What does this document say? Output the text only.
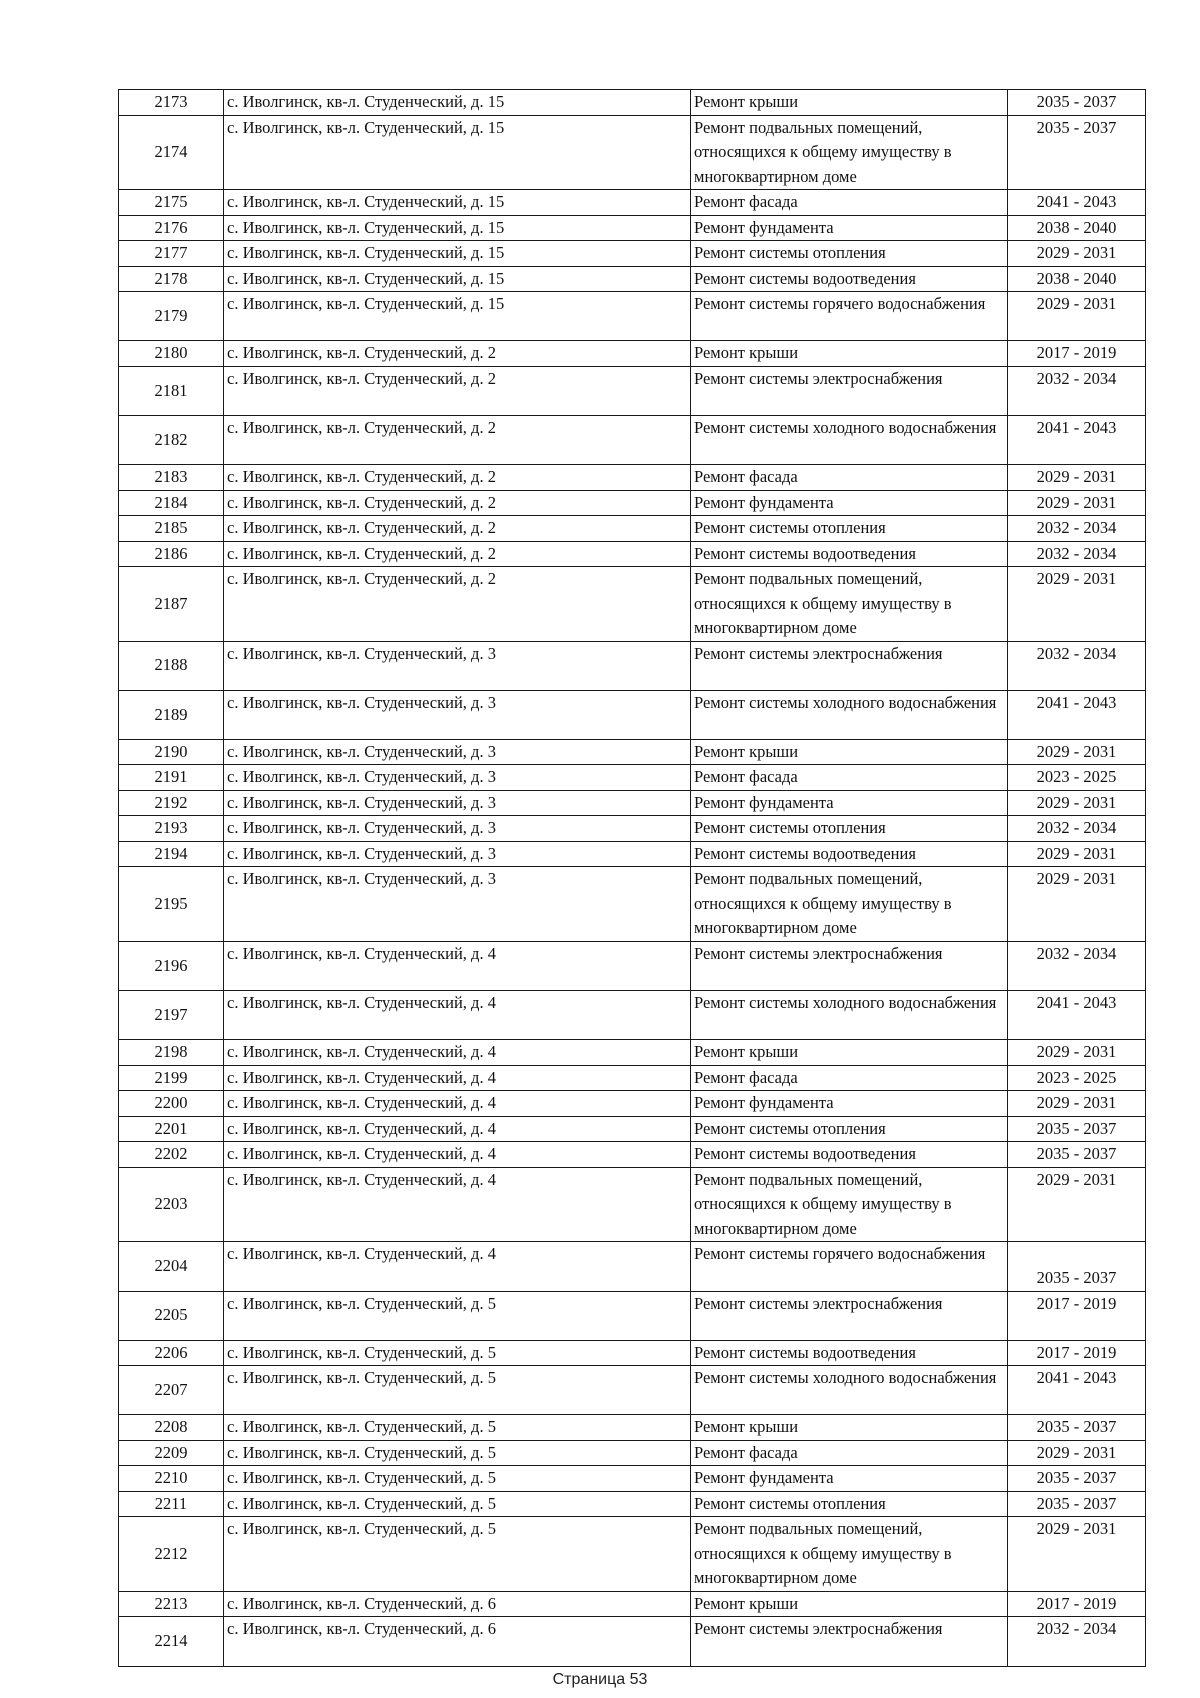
2173	с. Иволгинск, кв-л. Студенческий, д. 15	Ремонт крыши	2035 - 2037
2174	с. Иволгинск, кв-л. Студенческий, д. 15	Ремонт подвальных помещений, относящихся к общему имуществу в многоквартирном доме	2035 - 2037
2175	с. Иволгинск, кв-л. Студенческий, д. 15	Ремонт фасада	2041 - 2043
2176	с. Иволгинск, кв-л. Студенческий, д. 15	Ремонт фундамента	2038 - 2040
2177	с. Иволгинск, кв-л. Студенческий, д. 15	Ремонт системы отопления	2029 - 2031
2178	с. Иволгинск, кв-л. Студенческий, д. 15	Ремонт системы водоотведения	2038 - 2040
2179	с. Иволгинск, кв-л. Студенческий, д. 15	Ремонт системы горячего водоснабжения	2029 - 2031
2180	с. Иволгинск, кв-л. Студенческий, д. 2	Ремонт крыши	2017 - 2019
2181	с. Иволгинск, кв-л. Студенческий, д. 2	Ремонт системы электроснабжения	2032 - 2034
2182	с. Иволгинск, кв-л. Студенческий, д. 2	Ремонт системы холодного водоснабжения	2041 - 2043
2183	с. Иволгинск, кв-л. Студенческий, д. 2	Ремонт фасада	2029 - 2031
2184	с. Иволгинск, кв-л. Студенческий, д. 2	Ремонт фундамента	2029 - 2031
2185	с. Иволгинск, кв-л. Студенческий, д. 2	Ремонт системы отопления	2032 - 2034
2186	с. Иволгинск, кв-л. Студенческий, д. 2	Ремонт системы водоотведения	2032 - 2034
2187	с. Иволгинск, кв-л. Студенческий, д. 2	Ремонт подвальных помещений, относящихся к общему имуществу в многоквартирном доме	2029 - 2031
2188	с. Иволгинск, кв-л. Студенческий, д. 3	Ремонт системы электроснабжения	2032 - 2034
2189	с. Иволгинск, кв-л. Студенческий, д. 3	Ремонт системы холодного водоснабжения	2041 - 2043
2190	с. Иволгинск, кв-л. Студенческий, д. 3	Ремонт крыши	2029 - 2031
2191	с. Иволгинск, кв-л. Студенческий, д. 3	Ремонт фасада	2023 - 2025
2192	с. Иволгинск, кв-л. Студенческий, д. 3	Ремонт фундамента	2029 - 2031
2193	с. Иволгинск, кв-л. Студенческий, д. 3	Ремонт системы отопления	2032 - 2034
2194	с. Иволгинск, кв-л. Студенческий, д. 3	Ремонт системы водоотведения	2029 - 2031
2195	с. Иволгинск, кв-л. Студенческий, д. 3	Ремонт подвальных помещений, относящихся к общему имуществу в многоквартирном доме	2029 - 2031
2196	с. Иволгинск, кв-л. Студенческий, д. 4	Ремонт системы электроснабжения	2032 - 2034
2197	с. Иволгинск, кв-л. Студенческий, д. 4	Ремонт системы холодного водоснабжения	2041 - 2043
2198	с. Иволгинск, кв-л. Студенческий, д. 4	Ремонт крыши	2029 - 2031
2199	с. Иволгинск, кв-л. Студенческий, д. 4	Ремонт фасада	2023 - 2025
2200	с. Иволгинск, кв-л. Студенческий, д. 4	Ремонт фундамента	2029 - 2031
2201	с. Иволгинск, кв-л. Студенческий, д. 4	Ремонт системы отопления	2035 - 2037
2202	с. Иволгинск, кв-л. Студенческий, д. 4	Ремонт системы водоотведения	2035 - 2037
2203	с. Иволгинск, кв-л. Студенческий, д. 4	Ремонт подвальных помещений, относящихся к общему имуществу в многоквартирном доме	2029 - 2031
2204	с. Иволгинск, кв-л. Студенческий, д. 4	Ремонт системы горячего водоснабжения	2035 - 2037
2205	с. Иволгинск, кв-л. Студенческий, д. 5	Ремонт системы электроснабжения	2017 - 2019
2206	с. Иволгинск, кв-л. Студенческий, д. 5	Ремонт системы водоотведения	2017 - 2019
2207	с. Иволгинск, кв-л. Студенческий, д. 5	Ремонт системы холодного водоснабжения	2041 - 2043
2208	с. Иволгинск, кв-л. Студенческий, д. 5	Ремонт крыши	2035 - 2037
2209	с. Иволгинск, кв-л. Студенческий, д. 5	Ремонт фасада	2029 - 2031
2210	с. Иволгинск, кв-л. Студенческий, д. 5	Ремонт фундамента	2035 - 2037
2211	с. Иволгинск, кв-л. Студенческий, д. 5	Ремонт системы отопления	2035 - 2037
2212	с. Иволгинск, кв-л. Студенческий, д. 5	Ремонт подвальных помещений, относящихся к общему имуществу в многоквартирном доме	2029 - 2031
2213	с. Иволгинск, кв-л. Студенческий, д. 6	Ремонт крыши	2017 - 2019
2214	с. Иволгинск, кв-л. Студенческий, д. 6	Ремонт системы электроснабжения	2032 - 2034
Страница 53
